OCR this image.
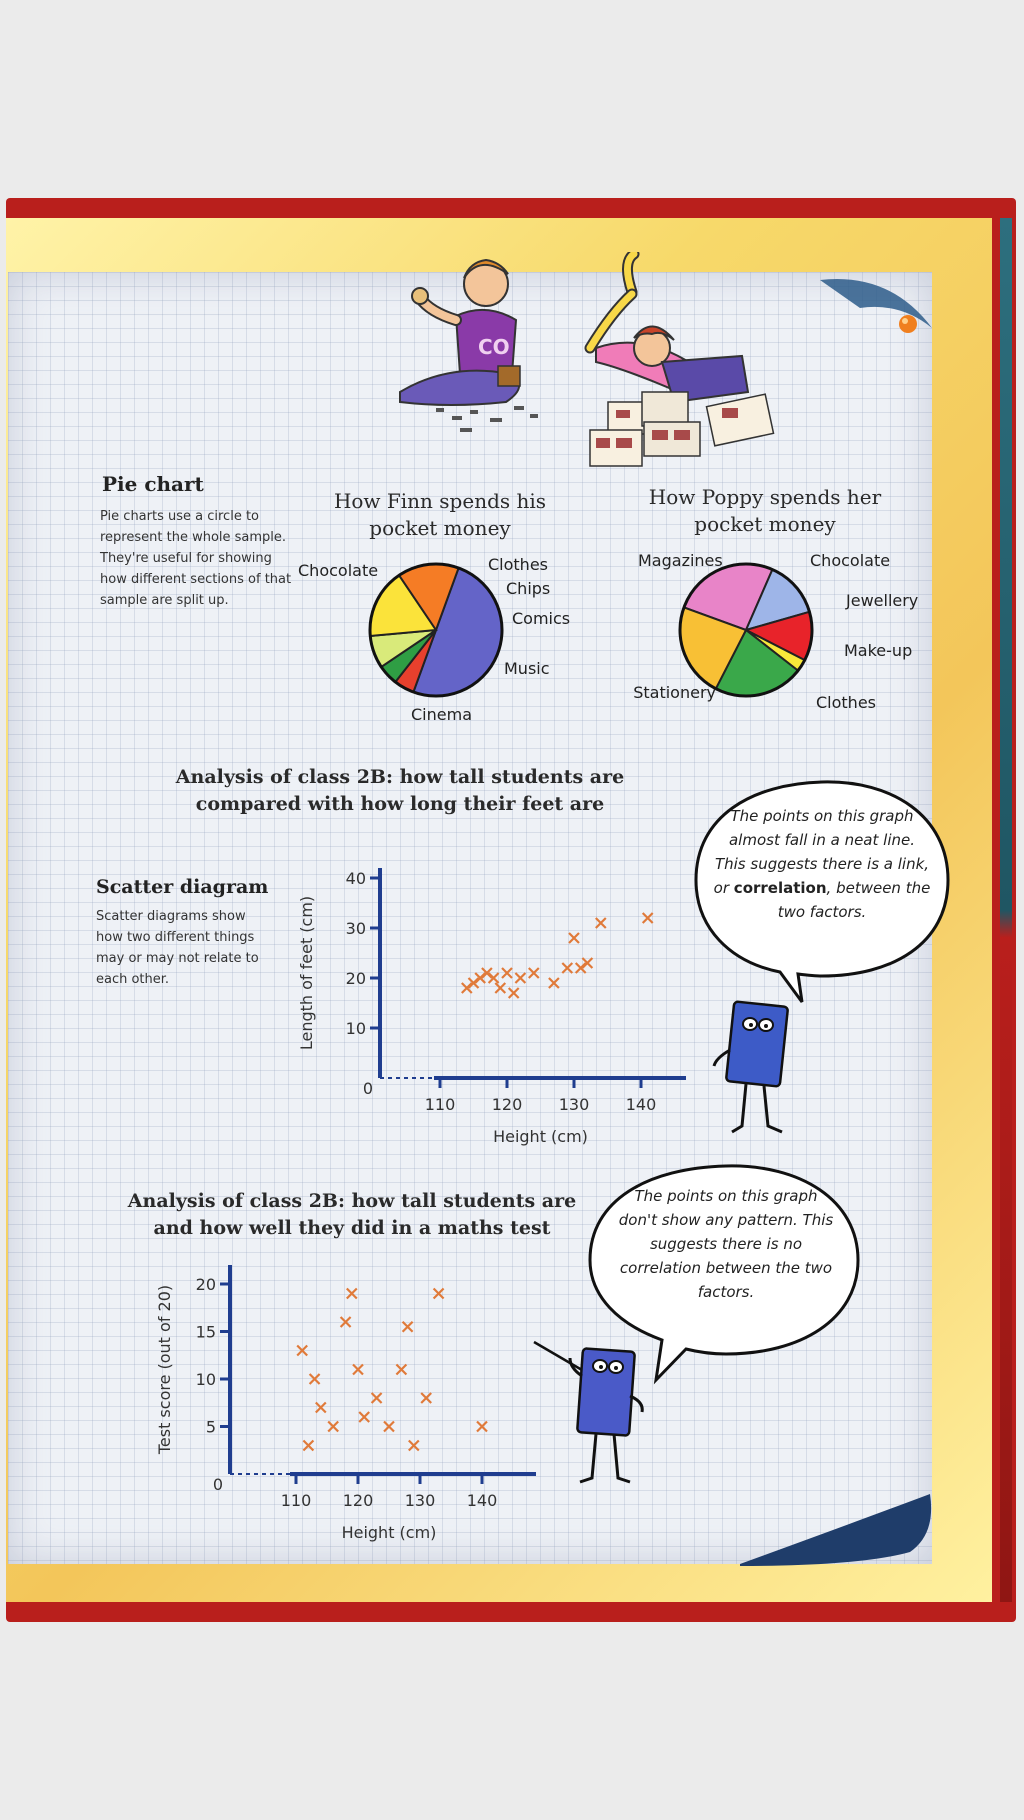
CO
Pie chart
Pie charts use a circle to represent the whole sample. They're useful for showing how different sections of that sample are split up.
How Finn spends his pocket money
How Poppy spends her pocket money
Chocolate	Clothes
Chips
Comics
Music
Cinema
Magazines	Chocolate
Jewellery
Make-up
Clothes
Stationery
Analysis of class 2B: how tall students are compared with how long their feet are
Scatter diagram
Scatter diagrams show how two different things may or may not relate to each other.
0
10
20
30
40
110 120 130 140
Height (cm)
Length of feet (cm)
The points on this graph almost fall in a neat line. This suggests there is a link, or correlation, between the two factors.
Analysis of class 2B: how tall students are and how well they did in a maths test
0
5
10
15
20
110 120 130 140
Height (cm)
Test score (out of 20)
The points on this graph don't show any pattern. This suggests there is no correlation between the two factors.
